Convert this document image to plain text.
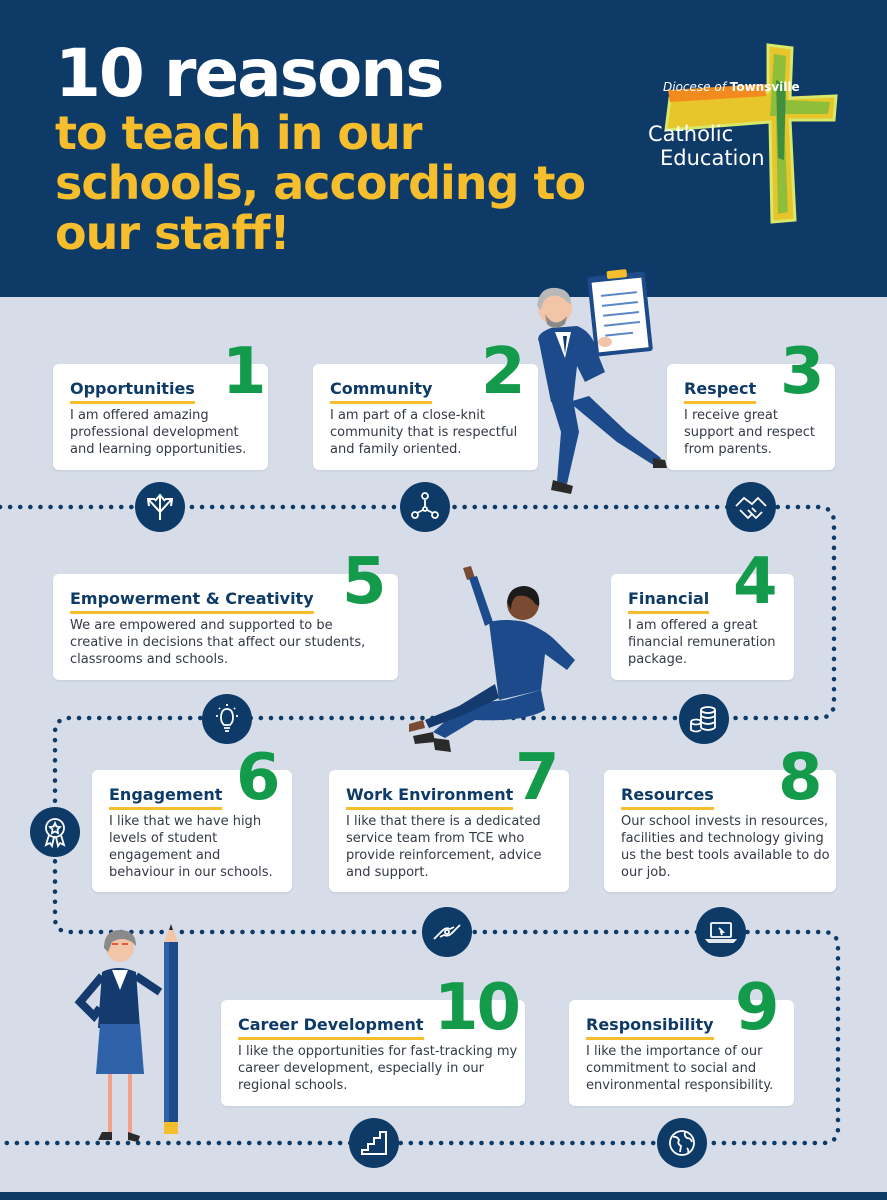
10 reasons
to teach in our schools, according to our staff!
Diocese of Townsville
Catholic
Education
Opportunities

I am offered amazing professional development and learning opportunities.

1	Community

I am part of a close-knit community that is respectful and family oriented.

2	Respect

I receive great support and respect from parents.

3
Empowerment & Creativity

We are empowered and supported to be creative in decisions that affect our students, classrooms and schools.

5	Financial

I am offered a great financial remuneration package.

4
Engagement

I like that we have high levels of student engagement and behaviour in our schools.

6	Work Environment

I like that there is a dedicated service team from TCE who provide reinforcement, advice and support.

7	Resources

Our school invests in resources, facilities and technology giving us the best tools available to do our job.

8
Career Development

I like the opportunities for fast-tracking my career development, especially in our regional schools.

10	Responsibility

I like the importance of our commitment to social and environmental responsibility.

9
